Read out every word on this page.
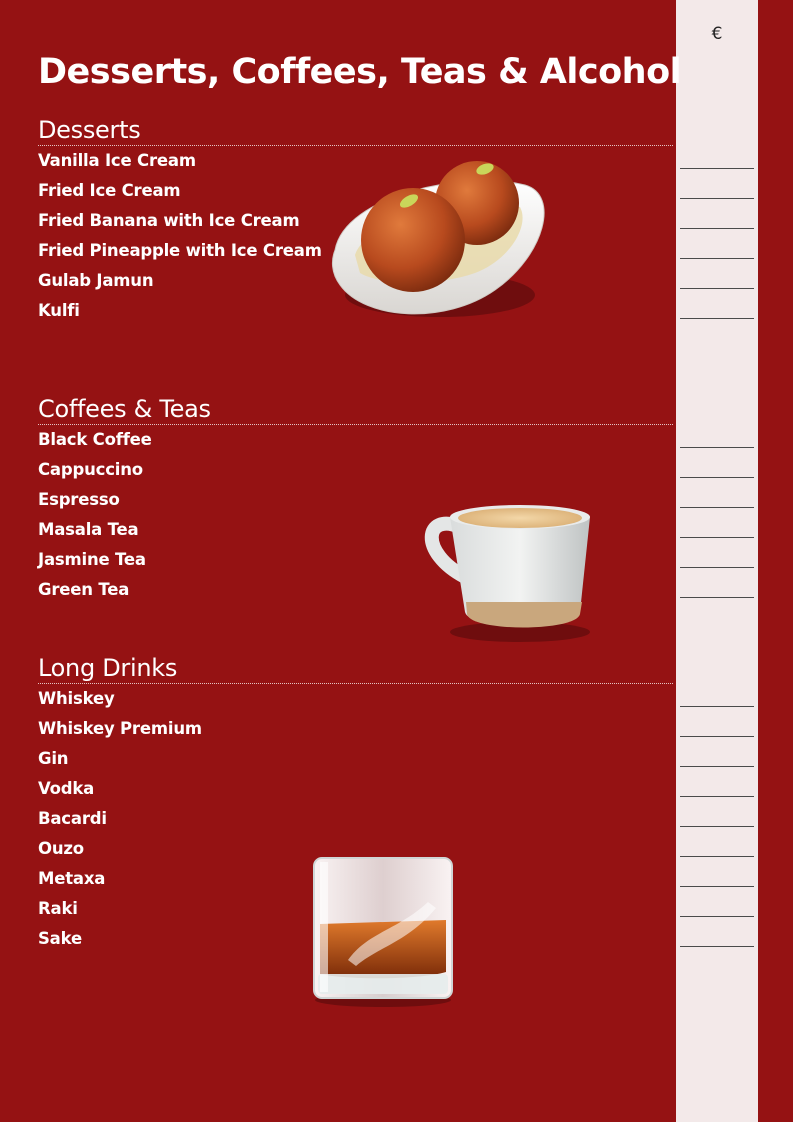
€
Desserts, Coffees, Teas & Alcohol
Desserts
Vanilla Ice Cream
Fried Ice Cream
Fried Banana with Ice Cream
Fried Pineapple with Ice Cream
Gulab Jamun
Kulfi
Coffees & Teas
Black Coffee
Cappuccino
Espresso
Masala Tea
Jasmine Tea
Green Tea
Long Drinks
Whiskey
Whiskey Premium
Gin
Vodka
Bacardi
Ouzo
Metaxa
Raki
Sake
